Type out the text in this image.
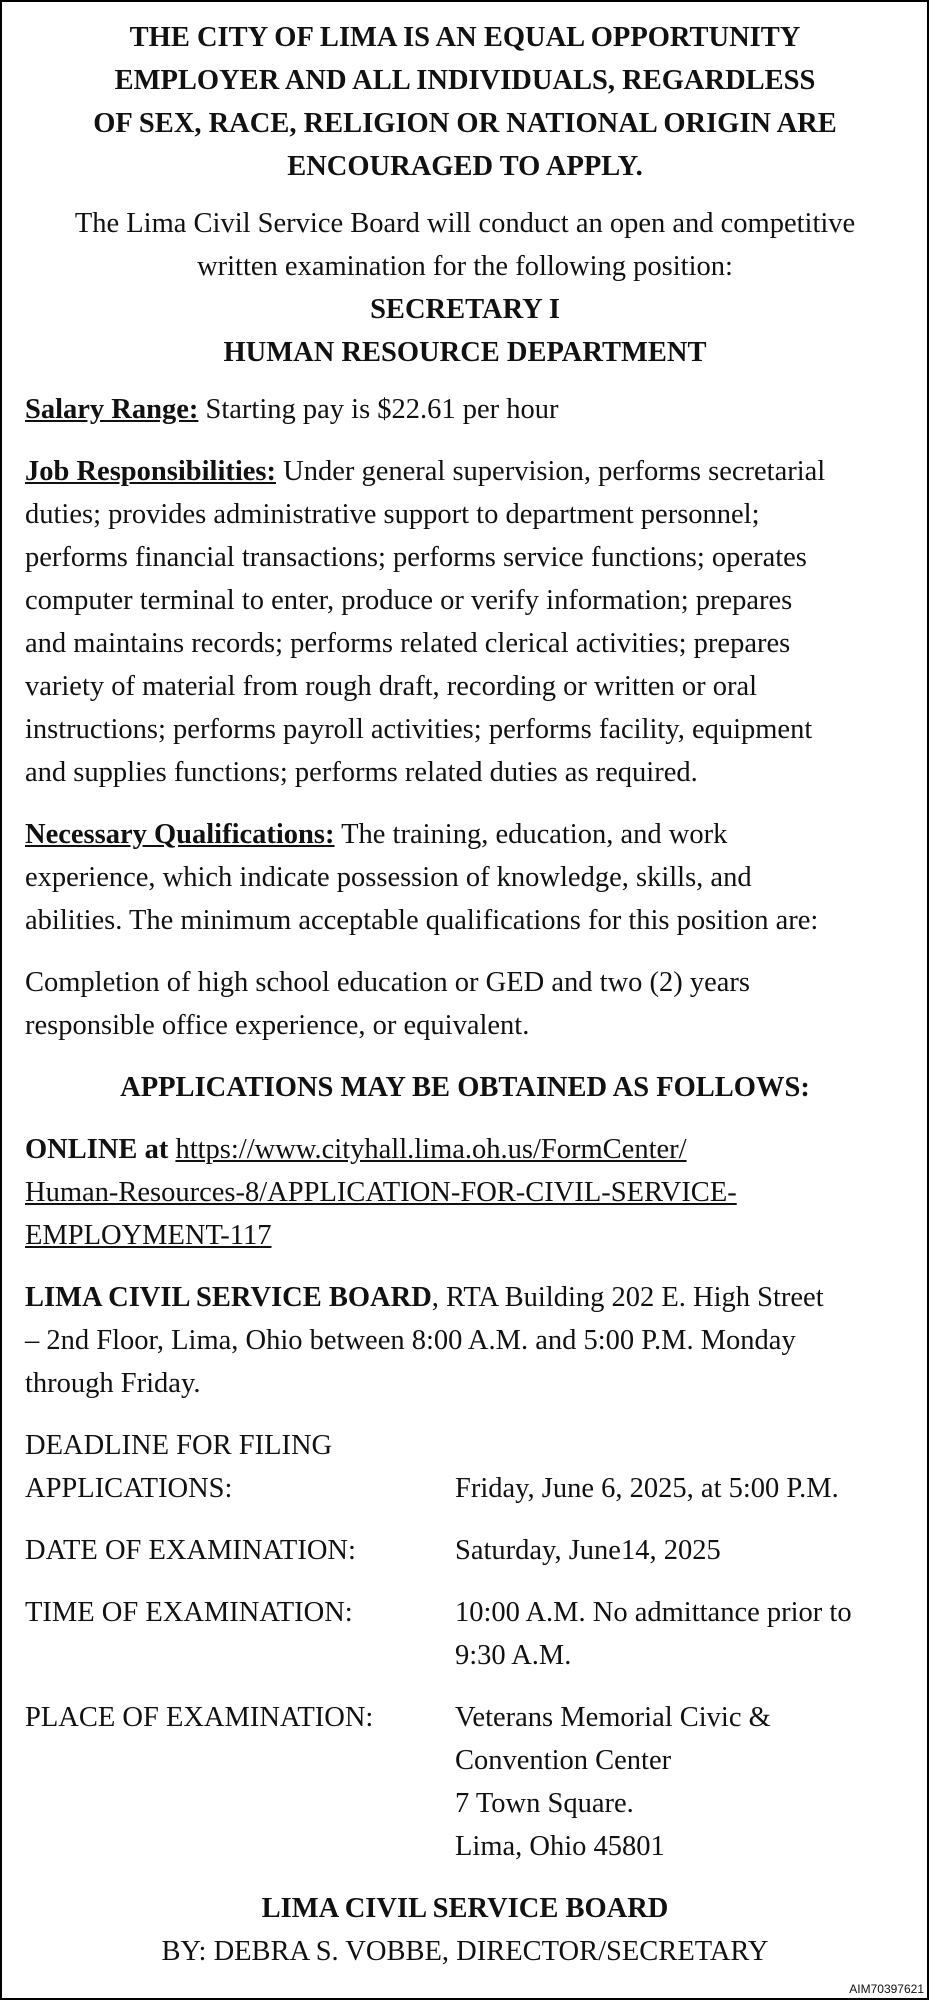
THE CITY OF LIMA IS AN EQUAL OPPORTUNITY
EMPLOYER AND ALL INDIVIDUALS, REGARDLESS
OF SEX, RACE, RELIGION OR NATIONAL ORIGIN ARE
ENCOURAGED TO APPLY.
The Lima Civil Service Board will conduct an open and competitive
written examination for the following position:
SECRETARY I
HUMAN RESOURCE DEPARTMENT

Salary Range: Starting pay is $22.61 per hour

Job Responsibilities: Under general supervision, performs secretarial
duties; provides administrative support to department personnel;
performs financial transactions; performs service functions; operates
computer terminal to enter, produce or verify information; prepares
and maintains records; performs related clerical activities; prepares
variety of material from rough draft, recording or written or oral
instructions; performs payroll activities; performs facility, equipment
and supplies functions; performs related duties as required.

Necessary Qualifications: The training, education, and work
experience, which indicate possession of knowledge, skills, and
abilities. The minimum acceptable qualifications for this position are:

Completion of high school education or GED and two (2) years
responsible office experience, or equivalent.

APPLICATIONS MAY BE OBTAINED AS FOLLOWS:

ONLINE at https://www.cityhall.lima.oh.us/FormCenter/
Human-Resources-8/APPLICATION-FOR-CIVIL-SERVICE-
EMPLOYMENT-117

LIMA CIVIL SERVICE BOARD, RTA Building 202 E. High Street
– 2nd Floor, Lima, Ohio between 8:00 A.M. and 5:00 P.M. Monday
through Friday.

DEADLINE FOR FILING
APPLICATIONS:	Friday, June 6, 2025, at 5:00 P.M.
DATE OF EXAMINATION:	Saturday, June14, 2025
TIME OF EXAMINATION:	10:00 A.M. No admittance prior to
9:30 A.M.
PLACE OF EXAMINATION:	Veterans Memorial Civic &
Convention Center
7 Town Square.
Lima, Ohio 45801
LIMA CIVIL SERVICE BOARD
BY: DEBRA S. VOBBE, DIRECTOR/SECRETARY
AIM70397621
